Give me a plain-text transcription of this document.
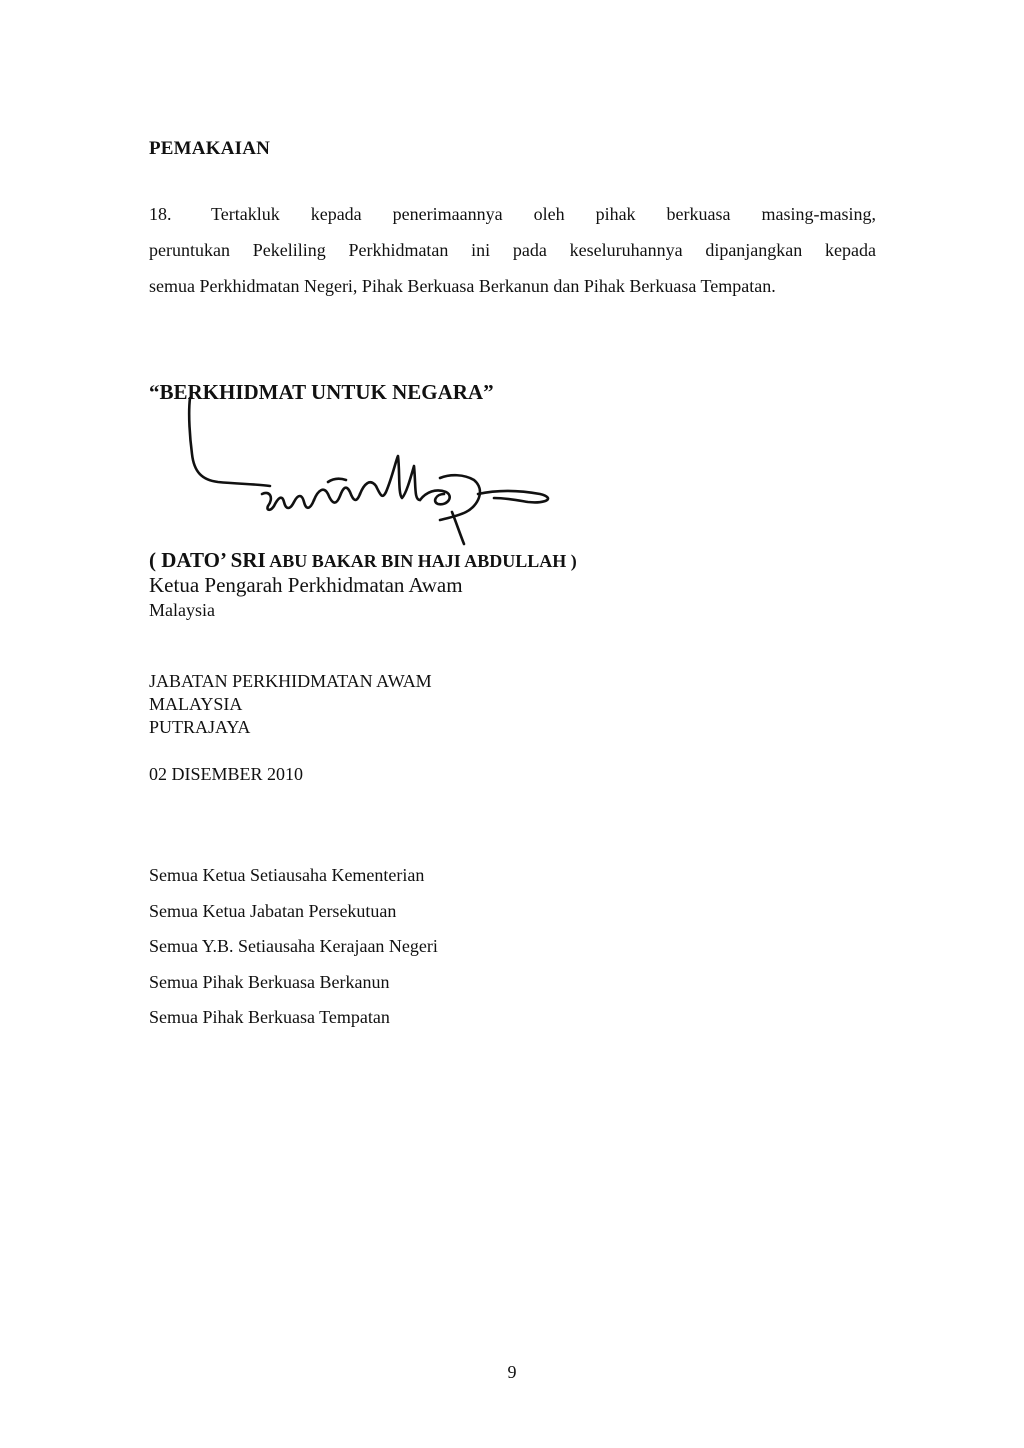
PEMAKAIAN
18. Tertakluk kepada penerimaannya oleh pihak berkuasa masing-masing,
peruntukan Pekeliling Perkhidmatan ini pada keseluruhannya dipanjangkan kepada
semua Perkhidmatan Negeri, Pihak Berkuasa Berkanun dan Pihak Berkuasa Tempatan.
“BERKHIDMAT UNTUK NEGARA”
( DATO’ SRI ABU BAKAR BIN HAJI ABDULLAH )
Ketua Pengarah Perkhidmatan Awam
Malaysia
JABATAN PERKHIDMATAN AWAM
MALAYSIA
PUTRAJAYA
02 DISEMBER 2010
Semua Ketua Setiausaha Kementerian
Semua Ketua Jabatan Persekutuan
Semua Y.B. Setiausaha Kerajaan Negeri
Semua Pihak Berkuasa Berkanun
Semua Pihak Berkuasa Tempatan
9
